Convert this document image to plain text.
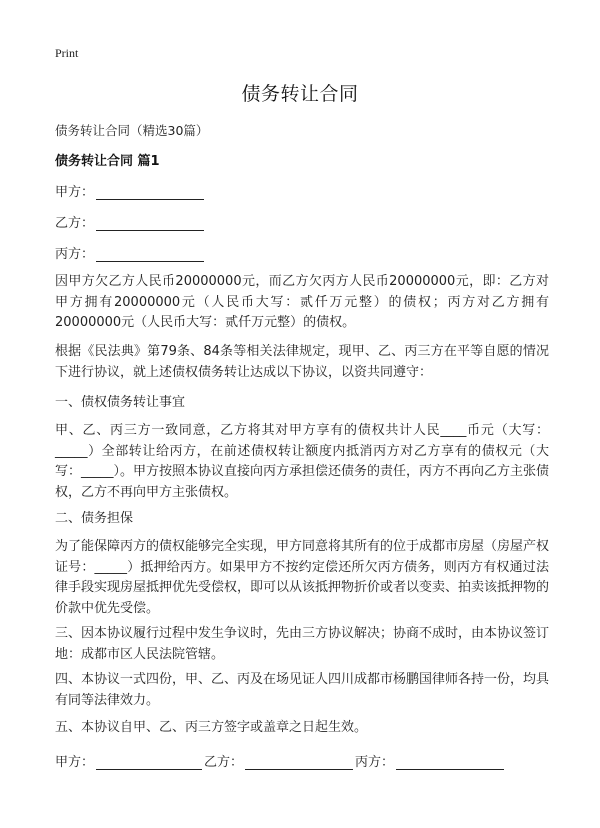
Print
债务转让合同
债务转让合同（精选30篇）
债务转让合同 篇1
甲方：
乙方：
丙方：
因甲方欠乙方人民币20000000元，而乙方欠丙方人民币20000000元，即：乙方对甲方拥有20000000元（人民币大写：贰仟万元整）的债权；丙方对乙方拥有20000000元（人民币大写：贰仟万元整）的债权。
根据《民法典》第79条、84条等相关法律规定，现甲、乙、丙三方在平等自愿的情况下进行协议，就上述债权债务转让达成以下协议，以资共同遵守：
一、债权债务转让事宜
甲、乙、丙三方一致同意，乙方将其对甲方享有的债权共计人民____币元（大写：_____）全部转让给丙方，在前述债权转让额度内抵消丙方对乙方享有的债权元（大写：_____）。甲方按照本协议直接向丙方承担偿还债务的责任，丙方不再向乙方主张债权，乙方不再向甲方主张债权。
二、债务担保
为了能保障丙方的债权能够完全实现，甲方同意将其所有的位于成都市房屋（房屋产权证号：_____）抵押给丙方。如果甲方不按约定偿还所欠丙方债务，则丙方有权通过法律手段实现房屋抵押优先受偿权，即可以从该抵押物折价或者以变卖、拍卖该抵押物的价款中优先受偿。
三、因本协议履行过程中发生争议时，先由三方协议解决；协商不成时，由本协议签订地：成都市区人民法院管辖。
四、本协议一式四份，甲、乙、丙及在场见证人四川成都市杨鹏国律师各持一份，均具有同等法律效力。
五、本协议自甲、乙、丙三方签字或盖章之日起生效。
甲方：	乙方：	丙方：
